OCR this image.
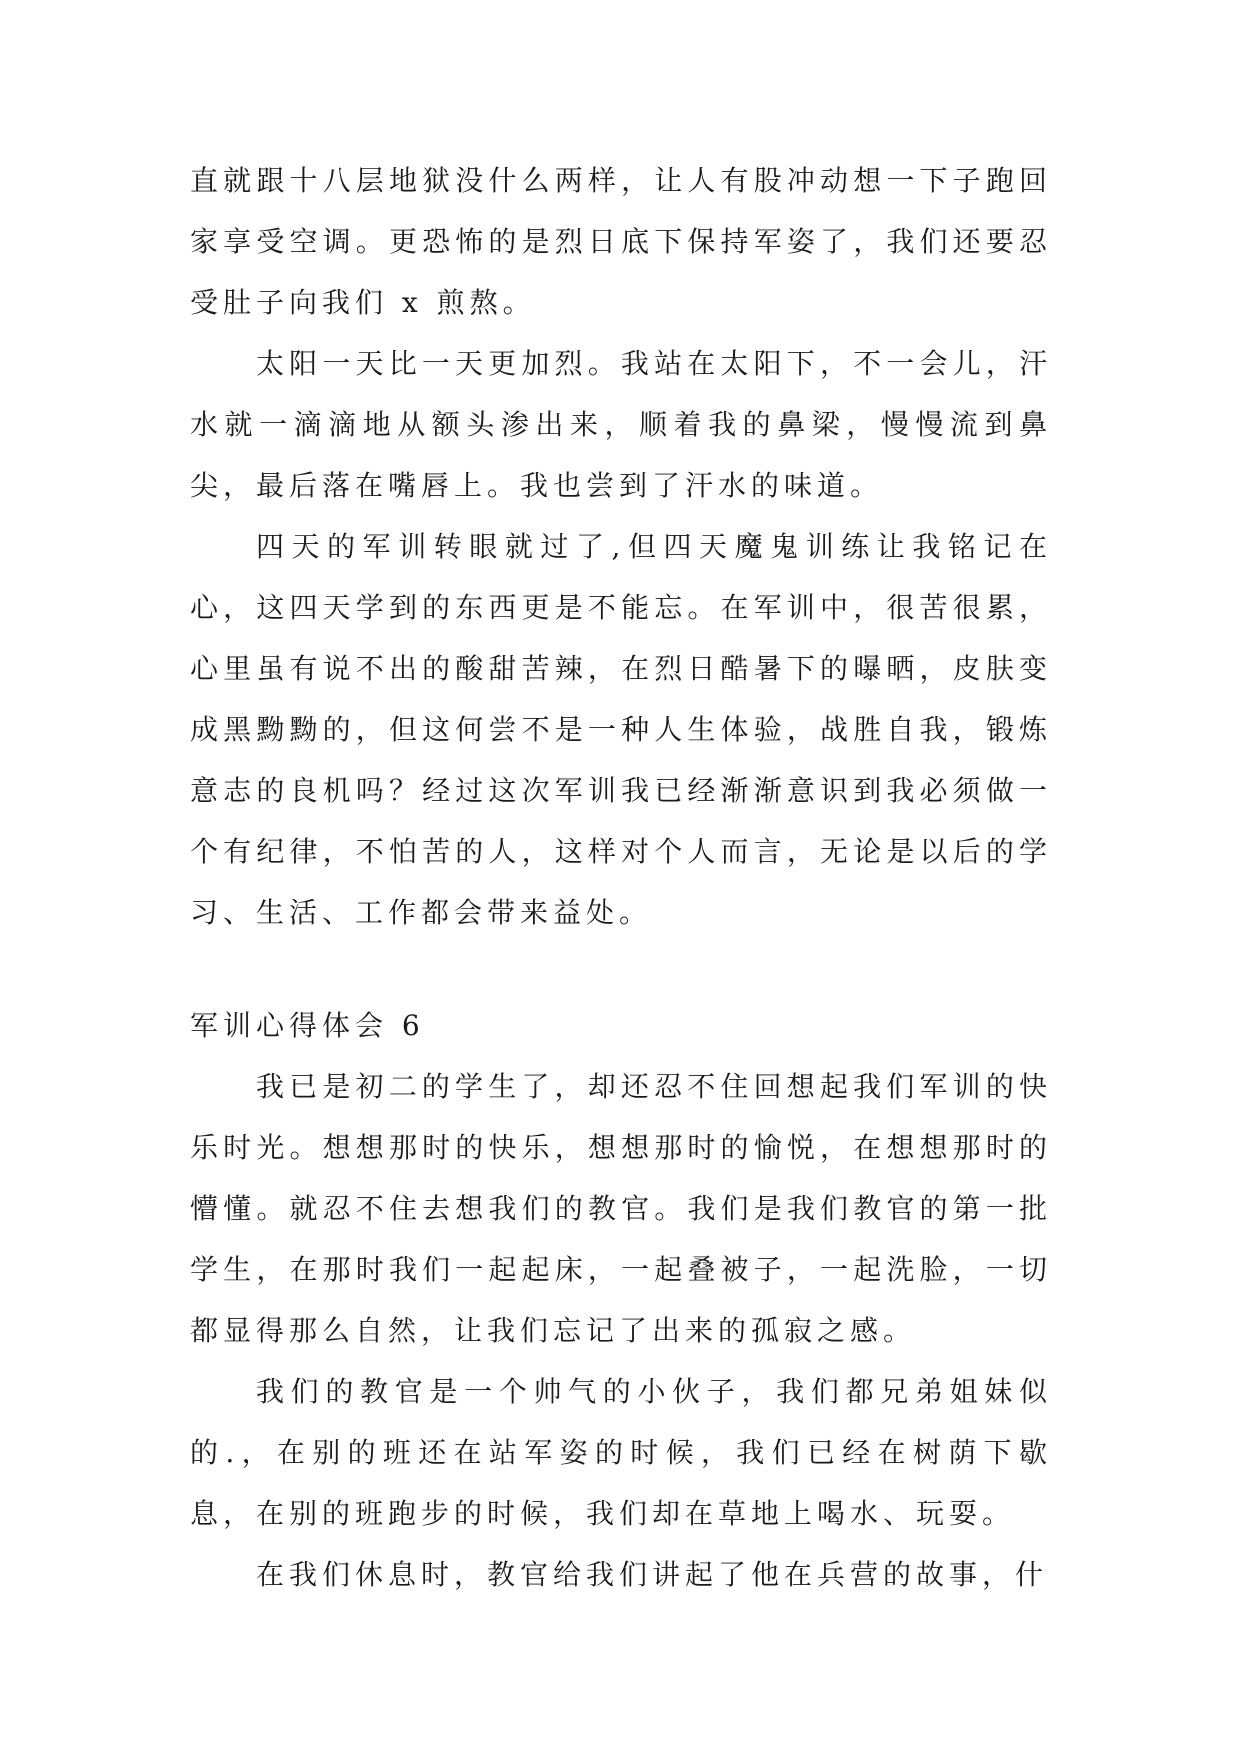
直就跟十八层地狱没什么两样，让人有股冲动想一下子跑回家享受空调。更恐怖的是烈日底下保持军姿了，我们还要忍受肚子向我们 x 煎熬。

太阳一天比一天更加烈。我站在太阳下，不一会儿，汗水就一滴滴地从额头渗出来，顺着我的鼻梁，慢慢流到鼻尖，最后落在嘴唇上。我也尝到了汗水的味道。

四天的军训转眼就过了,但四天魔鬼训练让我铭记在心，这四天学到的东西更是不能忘。在军训中，很苦很累，心里虽有说不出的酸甜苦辣，在烈日酷暑下的曝晒，皮肤变成黑黝黝的，但这何尝不是一种人生体验，战胜自我，锻炼意志的良机吗？经过这次军训我已经渐渐意识到我必须做一个有纪律，不怕苦的人，这样对个人而言，无论是以后的学习、生活、工作都会带来益处。

军训心得体会 6

我已是初二的学生了，却还忍不住回想起我们军训的快乐时光。想想那时的快乐，想想那时的愉悦，在想想那时的懵懂。就忍不住去想我们的教官。我们是我们教官的第一批学生，在那时我们一起起床，一起叠被子，一起洗脸，一切都显得那么自然，让我们忘记了出来的孤寂之感。

我们的教官是一个帅气的小伙子，我们都兄弟姐妹似的.，在别的班还在站军姿的时候，我们已经在树荫下歇息，在别的班跑步的时候，我们却在草地上喝水、玩耍。

在我们休息时，教官给我们讲起了他在兵营的故事，什
